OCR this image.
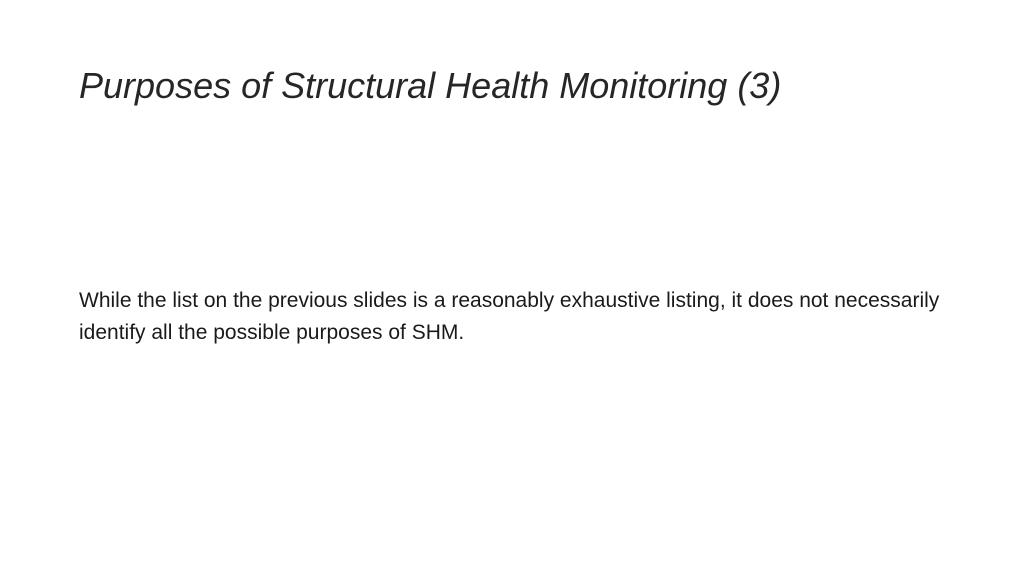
Purposes of Structural Health Monitoring (3)

While the list on the previous slides is a reasonably exhaustive listing, it does not necessarily identify all the possible purposes of SHM.
